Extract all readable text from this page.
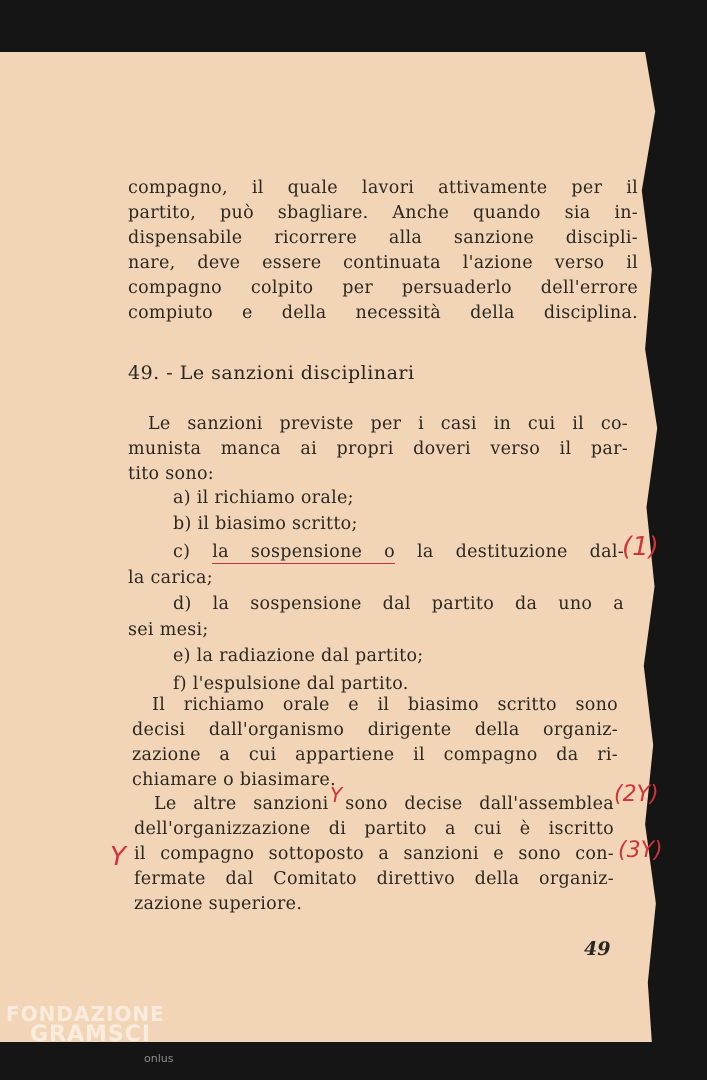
compagno, il quale lavori attivamente per il
partito, può sbagliare. Anche quando sia in-
dispensabile ricorrere alla sanzione discipli-
nare, deve essere continuata l'azione verso il
compagno colpito per persuaderlo dell'errore
compiuto e della necessità della disciplina.
49. - Le sanzioni disciplinari
Le sanzioni previste per i casi in cui il co-
munista manca ai propri doveri verso il par-
tito sono:
a) il richiamo orale;
b) il biasimo scritto;
c) la sospensione o la destituzione dal-
la carica;
d) la sospensione dal partito da uno a
sei mesi;
e) la radiazione dal partito;
f) l'espulsione dal partito.
Il richiamo orale e il biasimo scritto sono
decisi dall'organismo dirigente della organiz-
zazione a cui appartiene il compagno da ri-
chiamare o biasimare.
Le altre sanzioni sono decise dall'assemblea
dell'organizzazione di partito a cui è iscritto
il compagno sottoposto a sanzioni e sono con-
fermate dal Comitato direttivo della organiz-
zazione superiore.
(1)
(2Y)
(3Y)
Y
Y
49
FONDAZIONE
GRAMSCI
onlus
